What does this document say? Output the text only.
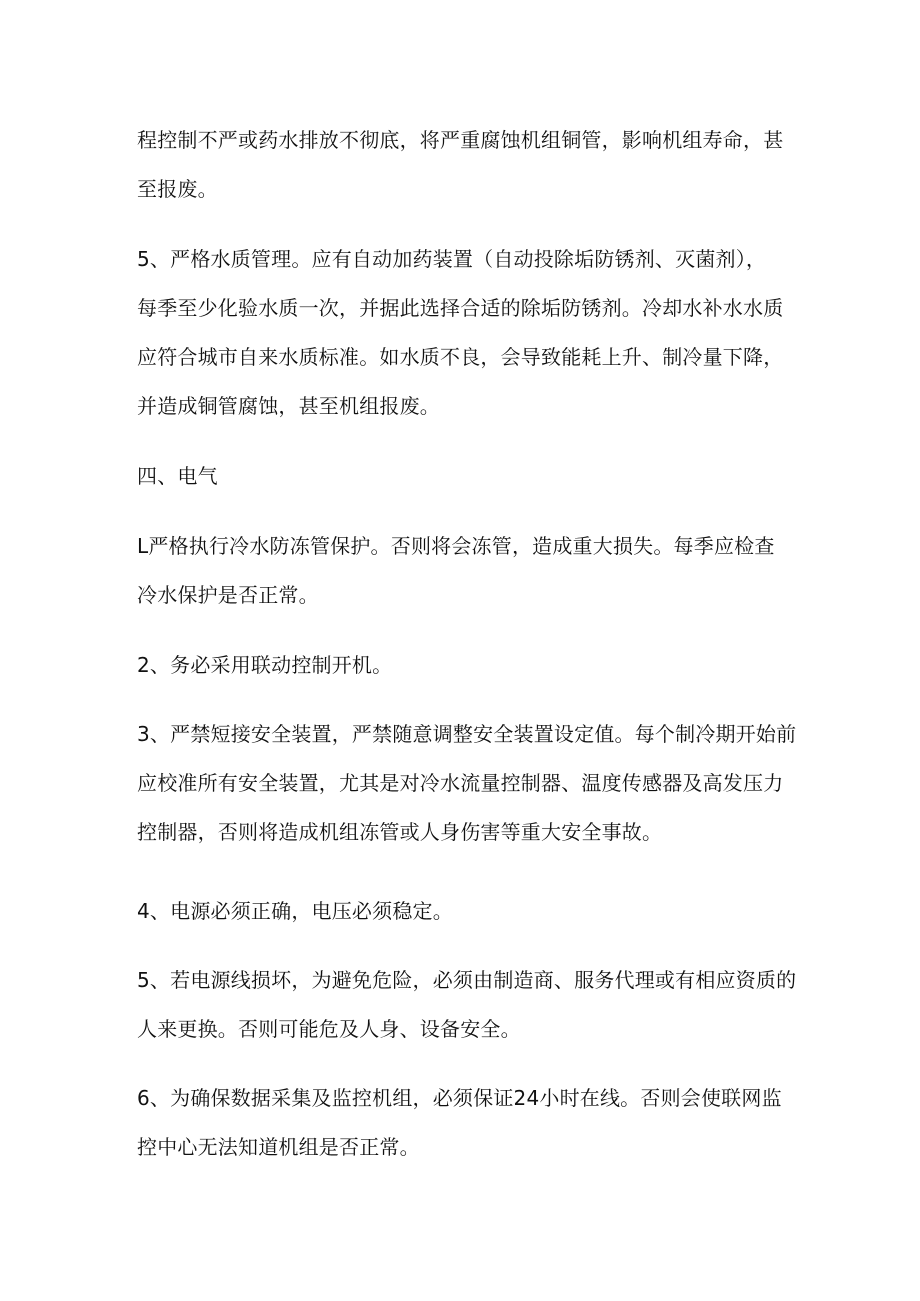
程控制不严或药水排放不彻底，将严重腐蚀机组铜管，影响机组寿命，甚
至报废。
5、严格水质管理。应有自动加药装置（自动投除垢防锈剂、灭菌剂），
每季至少化验水质一次，并据此选择合适的除垢防锈剂。冷却水补水水质
应符合城市自来水质标准。如水质不良，会导致能耗上升、制冷量下降，
并造成铜管腐蚀，甚至机组报废。
四、电气
L严格执行冷水防冻管保护。否则将会冻管，造成重大损失。每季应检查
冷水保护是否正常。
2、务必采用联动控制开机。
3、严禁短接安全装置，严禁随意调整安全装置设定值。每个制冷期开始前
应校准所有安全装置，尤其是对冷水流量控制器、温度传感器及高发压力
控制器，否则将造成机组冻管或人身伤害等重大安全事故。
4、电源必须正确，电压必须稳定。
5、若电源线损坏，为避免危险，必须由制造商、服务代理或有相应资质的
人来更换。否则可能危及人身、设备安全。
6、为确保数据采集及监控机组，必须保证24小时在线。否则会使联网监
控中心无法知道机组是否正常。
